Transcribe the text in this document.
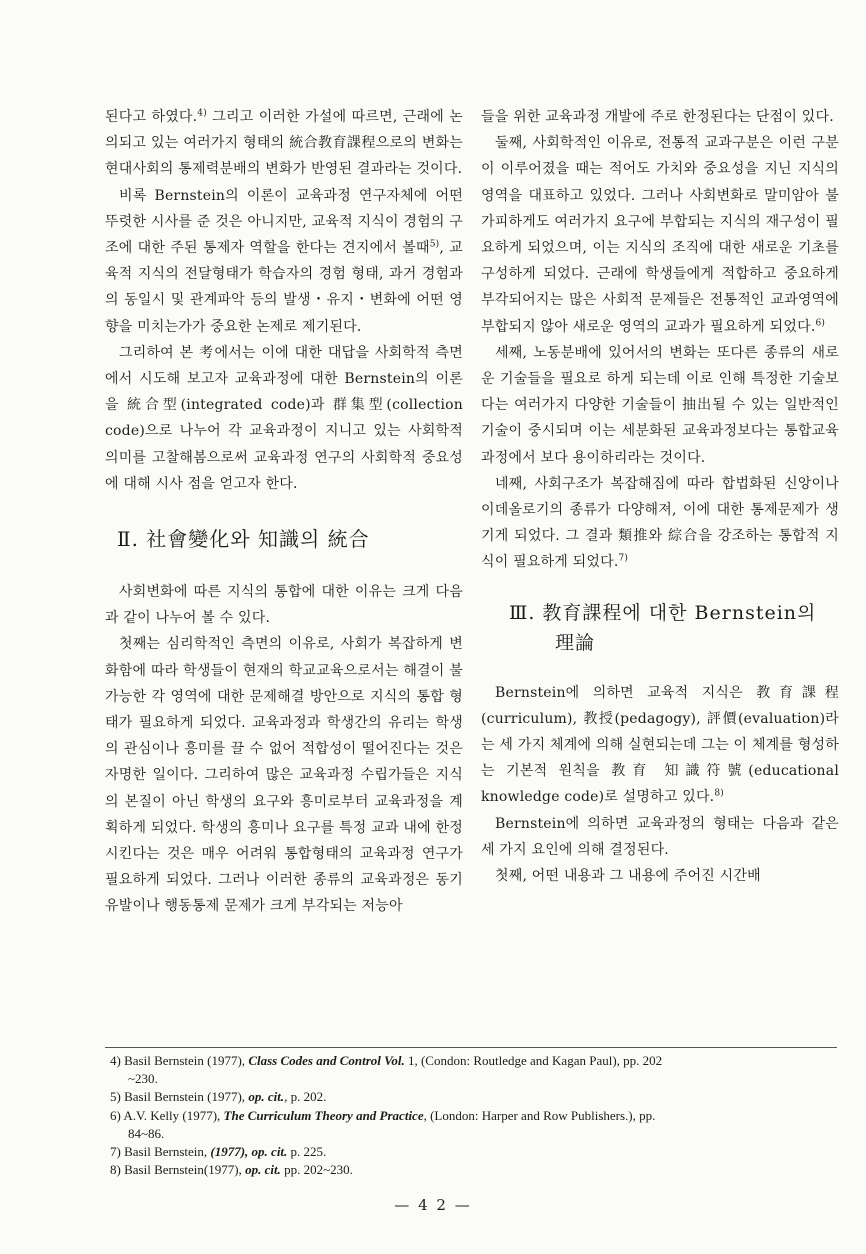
된다고 하였다.$^{4)}$ 그리고 이러한 가설에 따르면, 근래에 논의되고 있는 여러가지 형태의 統合教育課程으로의 변화는 현대사회의 통제력분배의 변화가 반영된 결과라는 것이다.

비록 Bernstein의 이론이 교육과정 연구자체에 어떤 뚜렷한 시사를 준 것은 아니지만, 교육적 지식이 경험의 구조에 대한 주된 통제자 역할을 한다는 견지에서 볼때$^{5)}$, 교육적 지식의 전달형태가 학습자의 경험 형태, 과거 경험과의 동일시 및 관계파악 등의 발생・유지・변화에 어떤 영향을 미치는가가 중요한 논제로 제기된다.

그리하여 본 考에서는 이에 대한 대답을 사회학적 측면에서 시도해 보고자 교육과정에 대한 Bernstein의 이론을 統合型(integrated code)과 群集型(collection code)으로 나누어 각 교육과정이 지니고 있는 사회학적 의미를 고찰해봄으로써 교육과정 연구의 사회학적 중요성에 대해 시사 점을 얻고자 한다.

Ⅱ. 社會變化와 知識의 統合

사회변화에 따른 지식의 통합에 대한 이유는 크게 다음과 같이 나누어 볼 수 있다.

첫째는 심리학적인 측면의 이유로, 사회가 복잡하게 변화함에 따라 학생들이 현재의 학교교육으로서는 해결이 불가능한 각 영역에 대한 문제해결 방안으로 지식의 통합 형태가 필요하게 되었다. 교육과정과 학생간의 유리는 학생의 관심이나 흥미를 끌 수 없어 적합성이 떨어진다는 것은 자명한 일이다. 그리하여 많은 교육과정 수립가들은 지식의 본질이 아닌 학생의 요구와 흥미로부터 교육과정을 계획하게 되었다. 학생의 흥미나 요구를 특정 교과 내에 한정시킨다는 것은 매우 어려워 통합형태의 교육과정 연구가 필요하게 되었다. 그러나 이러한 종류의 교육과정은 동기유발이나 행동통제 문제가 크게 부각되는 저능아

들을 위한 교육과정 개발에 주로 한정된다는 단점이 있다.

둘째, 사회학적인 이유로, 전통적 교과구분은 이런 구분이 이루어졌을 때는 적어도 가치와 중요성을 지닌 지식의 영역을 대표하고 있었다. 그러나 사회변화로 말미암아 불가피하게도 여러가지 요구에 부합되는 지식의 재구성이 필요하게 되었으며, 이는 지식의 조직에 대한 새로운 기초를 구성하게 되었다. 근래에 학생들에게 적합하고 중요하게 부각되어지는 많은 사회적 문제들은 전통적인 교과영역에 부합되지 않아 새로운 영역의 교과가 필요하게 되었다.$^{6)}$

세째, 노동분배에 있어서의 변화는 또다른 종류의 새로운 기술들을 필요로 하게 되는데 이로 인해 특정한 기술보다는 여러가지 다양한 기술들이 抽出될 수 있는 일반적인 기술이 중시되며 이는 세분화된 교육과정보다는 통합교육과정에서 보다 용이하리라는 것이다.

네째, 사회구조가 복잡해짐에 따라 합법화된 신앙이나 이데올로기의 종류가 다양해져, 이에 대한 통제문제가 생기게 되었다. 그 결과 類推와 綜合을 강조하는 통합적 지식이 필요하게 되었다.$^{7)}$

Ⅲ. 教育課程에 대한 Bernstein의
理論

Bernstein에 의하면 교육적 지식은 教育課程(curriculum), 教授(pedagogy), 評價(evaluation)라는 세 가지 체계에 의해 실현되는데 그는 이 체계를 형성하는 기본적 원칙을 教育 知識符號(educational knowledge code)로 설명하고 있다.$^{8)}$

Bernstein에 의하면 교육과정의 형태는 다음과 같은 세 가지 요인에 의해 결정된다.

첫째, 어떤 내용과 그 내용에 주어진 시간배

4) Basil Bernstein (1977), Class Codes and Control Vol. 1, (Condon: Routledge and Kagan Paul), pp. 202
~230.
5) Basil Bernstein (1977), op. cit., p. 202.
6) A.V. Kelly (1977), The Curriculum Theory and Practice, (London: Harper and Row Publishers.), pp.
84~86.
7) Basil Bernstein, (1977), op. cit. p. 225.
8) Basil Bernstein(1977), op. cit. pp. 202~230.
— 4 2 —
